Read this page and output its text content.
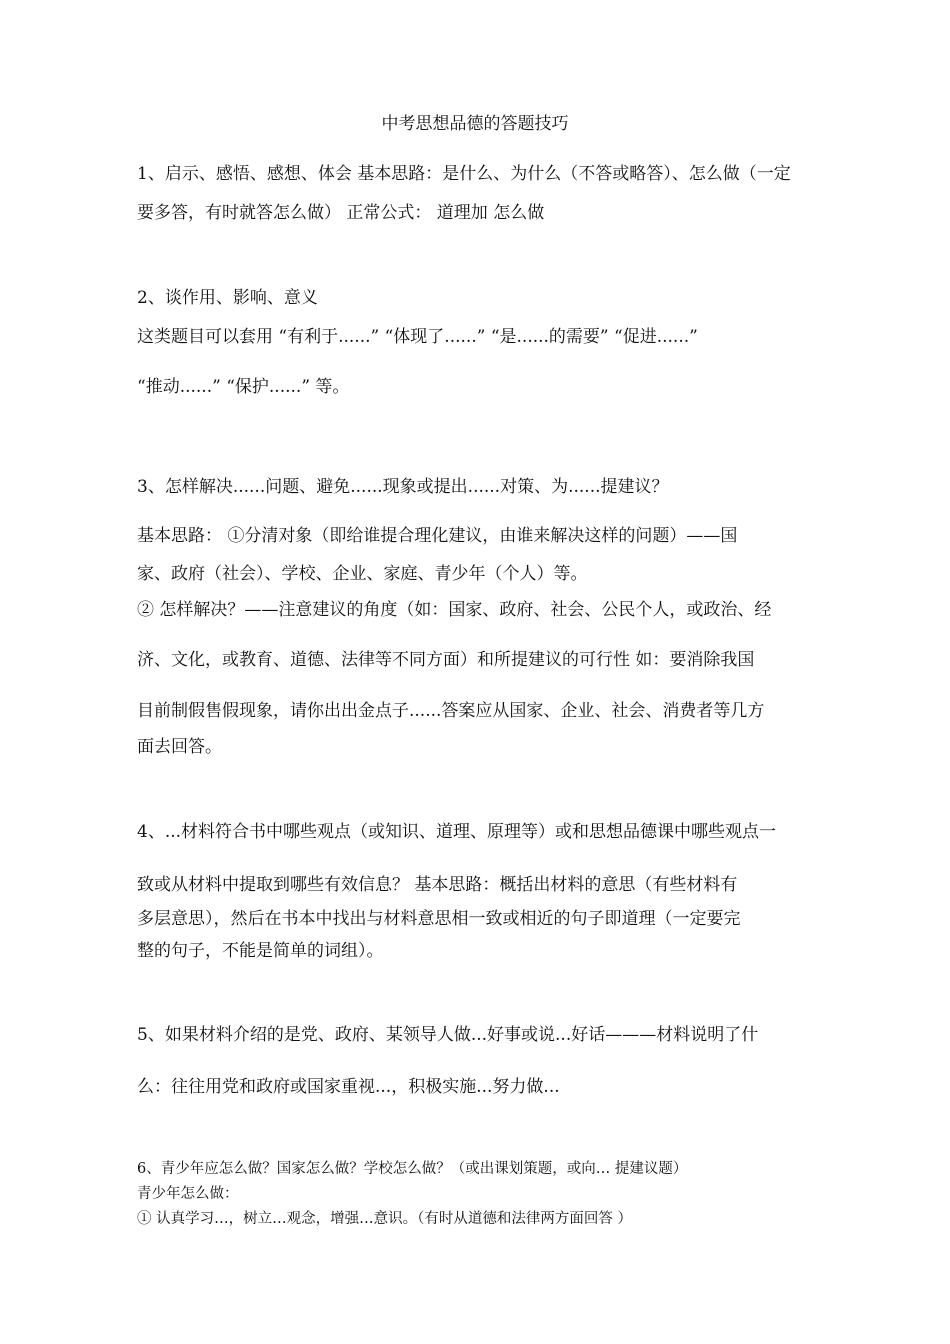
中考思想品德的答题技巧
1、启示、感悟、感想、体会 基本思路：是什么、为什么（不答或略答）、怎么做（一定
要多答，有时就答怎么做） 正常公式： 道理加 怎么做
2、谈作用、影响、意义
这类题目可以套用 “有利于......” “体现了......” “是......的需要” “促进......”
“推动......” “保护......” 等。
3、怎样解决......问题、避免......现象或提出......对策、为......提建议？
基本思路： ①分清对象（即给谁提合理化建议，由谁来解决这样的问题）——国
家、政府（社会）、学校、企业、家庭、青少年（个人）等。
② 怎样解决？——注意建议的角度（如：国家、政府、社会、公民个人，或政治、经
济、文化，或教育、道德、法律等不同方面）和所提建议的可行性 如：要消除我国
目前制假售假现象，请你出出金点子......答案应从国家、企业、社会、消费者等几方
面去回答。
4、...材料符合书中哪些观点（或知识、道理、原理等）或和思想品德课中哪些观点一
致或从材料中提取到哪些有效信息？ 基本思路：概括出材料的意思（有些材料有
多层意思），然后在书本中找出与材料意思相一致或相近的句子即道理（一定要完
整的句子，不能是简单的词组）。
5、如果材料介绍的是党、政府、某领导人做...好事或说...好话———材料说明了什
么：往往用党和政府或国家重视...，积极实施...努力做...
6、青少年应怎么做？国家怎么做？学校怎么做？（或出课划策题，或向… 提建议题）
青少年怎么做：
① 认真学习…，树立…观念，增强…意识。（有时从道德和法律两方面回答 ）
